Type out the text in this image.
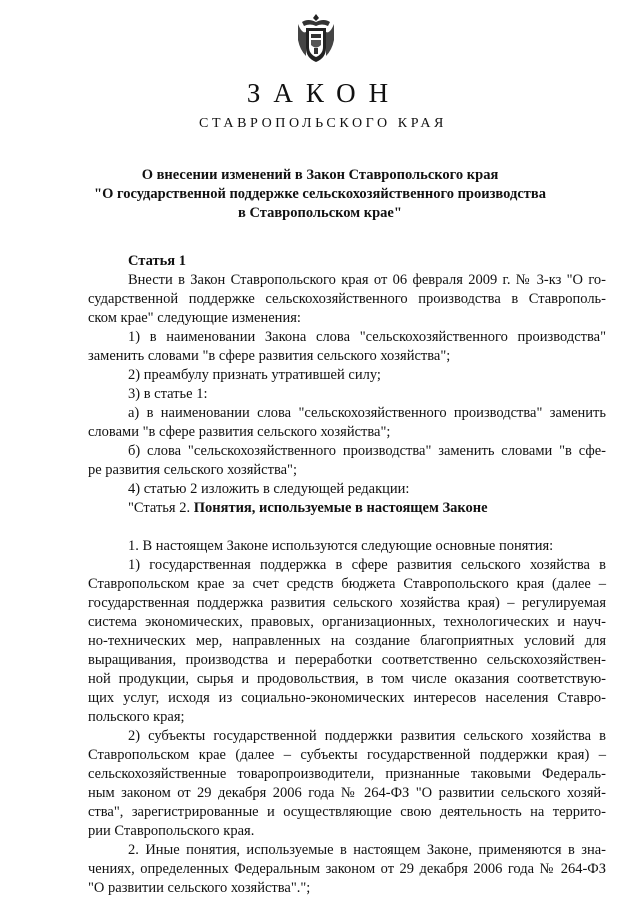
ЗАКОН
СТАВРОПОЛЬСКОГО КРАЯ
О внесении изменений в Закон Ставропольского края
"О государственной поддержке сельскохозяйственного производства
в Ставропольском крае"
Статья 1
Внести в Закон Ставропольского края от 06 февраля 2009 г. № 3-кз "О го-
сударственной поддержке сельскохозяйственного производства в Ставрополь-
ском крае" следующие изменения:
1) в наименовании Закона слова "сельскохозяйственного производства"
заменить словами "в сфере развития сельского хозяйства";
2) преамбулу признать утратившей силу;
3) в статье 1:
а) в наименовании слова "сельскохозяйственного производства" заменить
словами "в сфере развития сельского хозяйства";
б) слова "сельскохозяйственного производства" заменить словами "в сфе-
ре развития сельского хозяйства";
4) статью 2 изложить в следующей редакции:
"Статья 2. Понятия, используемые в настоящем Законе
1. В настоящем Законе используются следующие основные понятия:
1) государственная поддержка в сфере развития сельского хозяйства в
Ставропольском крае за счет средств бюджета Ставропольского края (далее –
государственная поддержка развития сельского хозяйства края) – регулируемая
система экономических, правовых, организационных, технологических и науч-
но-технических мер, направленных на создание благоприятных условий для
выращивания, производства и переработки соответственно сельскохозяйствен-
ной продукции, сырья и продовольствия, в том числе оказания соответствую-
щих услуг, исходя из социально-экономических интересов населения Ставро-
польского края;
2) субъекты государственной поддержки развития сельского хозяйства в
Ставропольском крае (далее – субъекты государственной поддержки края) –
сельскохозяйственные товаропроизводители, признанные таковыми Федераль-
ным законом от 29 декабря 2006 года № 264-ФЗ "О развитии сельского хозяй-
ства", зарегистрированные и осуществляющие свою деятельность на террито-
рии Ставропольского края.
2. Иные понятия, используемые в настоящем Законе, применяются в зна-
чениях, определенных Федеральным законом от 29 декабря 2006 года № 264-ФЗ
"О развитии сельского хозяйства".";
